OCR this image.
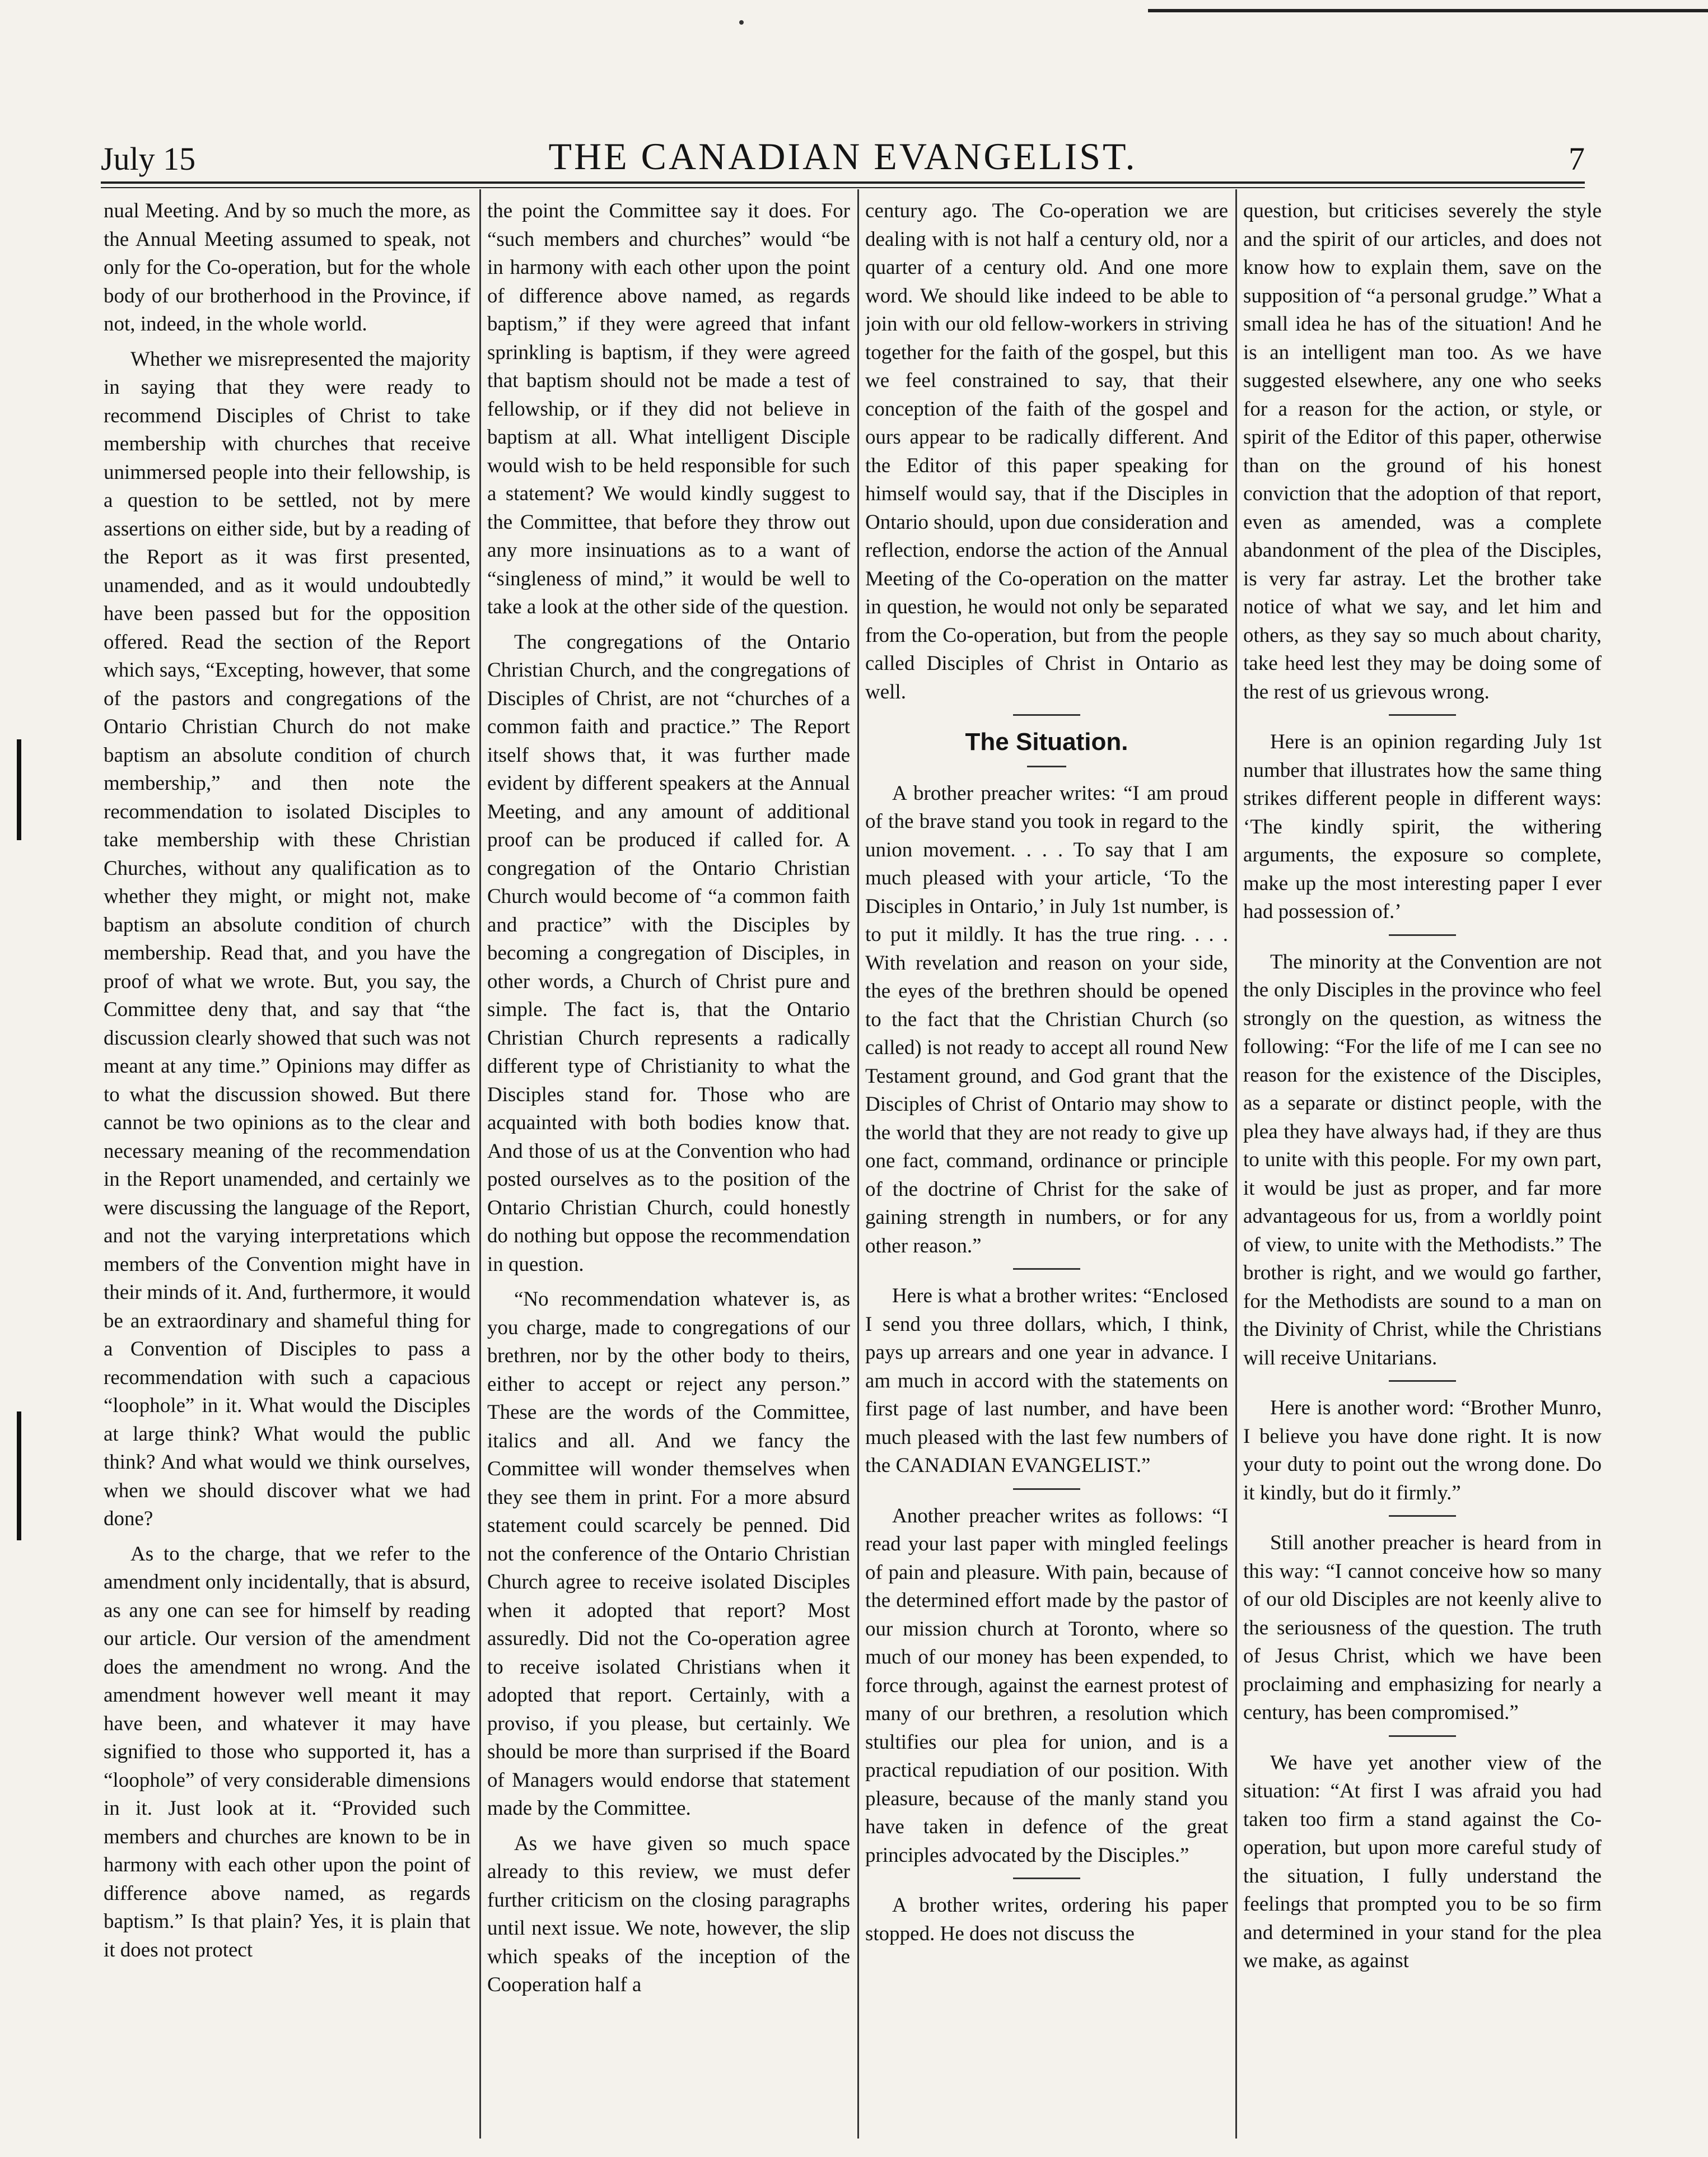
July 15	THE CANADIAN EVANGELIST.	7

nual Meeting. And by so much the more, as the Annual Meeting assumed to speak, not only for the Co-operation, but for the whole body of our brotherhood in the Province, if not, indeed, in the whole world.

Whether we misrepresented the majority in saying that they were ready to recommend Disciples of Christ to take membership with churches that receive unimmersed people into their fellowship, is a question to be settled, not by mere assertions on either side, but by a reading of the Report as it was first presented, unamended, and as it would undoubtedly have been passed but for the opposition offered. Read the section of the Report which says, “Excepting, however, that some of the pastors and congregations of the Ontario Christian Church do not make baptism an absolute condition of church membership,” and then note the recommendation to isolated Disciples to take membership with these Christian Churches, without any qualification as to whether they might, or might not, make baptism an absolute condition of church membership. Read that, and you have the proof of what we wrote. But, you say, the Committee deny that, and say that “the discussion clearly showed that such was not meant at any time.” Opinions may differ as to what the discussion showed. But there cannot be two opinions as to the clear and necessary meaning of the recommendation in the Report unamended, and certainly we were discussing the language of the Report, and not the varying interpretations which members of the Convention might have in their minds of it. And, furthermore, it would be an extraordinary and shameful thing for a Convention of Disciples to pass a recommendation with such a capacious “loophole” in it. What would the Disciples at large think? What would the public think? And what would we think ourselves, when we should discover what we had done?

As to the charge, that we refer to the amendment only incidentally, that is absurd, as any one can see for himself by reading our article. Our version of the amendment does the amendment no wrong. And the amendment however well meant it may have been, and whatever it may have signified to those who supported it, has a “loophole” of very considerable dimensions in it. Just look at it. “Provided such members and churches are known to be in harmony with each other upon the point of difference above named, as regards baptism.” Is that plain? Yes, it is plain that it does not protect

the point the Committee say it does. For “such members and churches” would “be in harmony with each other upon the point of difference above named, as regards baptism,” if they were agreed that infant sprinkling is baptism, if they were agreed that baptism should not be made a test of fellowship, or if they did not believe in baptism at all. What intelligent Disciple would wish to be held responsible for such a statement? We would kindly suggest to the Committee, that before they throw out any more insinuations as to a want of “singleness of mind,” it would be well to take a look at the other side of the question.

The congregations of the Ontario Christian Church, and the congregations of Disciples of Christ, are not “churches of a common faith and practice.” The Report itself shows that, it was further made evident by different speakers at the Annual Meeting, and any amount of additional proof can be produced if called for. A congregation of the Ontario Christian Church would become of “a common faith and practice” with the Disciples by becoming a congregation of Disciples, in other words, a Church of Christ pure and simple. The fact is, that the Ontario Christian Church represents a radically different type of Christianity to what the Disciples stand for. Those who are acquainted with both bodies know that. And those of us at the Convention who had posted ourselves as to the position of the Ontario Christian Church, could honestly do nothing but oppose the recommendation in question.

“No recommendation whatever is, as you charge, made to congregations of our brethren, nor by the other body to theirs, either to accept or reject any person.” These are the words of the Committee, italics and all. And we fancy the Committee will wonder themselves when they see them in print. For a more absurd statement could scarcely be penned. Did not the conference of the Ontario Christian Church agree to receive isolated Disciples when it adopted that report? Most assuredly. Did not the Co-operation agree to receive isolated Christians when it adopted that report. Certainly, with a proviso, if you please, but certainly. We should be more than surprised if the Board of Managers would endorse that statement made by the Committee.

As we have given so much space already to this review, we must defer further criticism on the closing paragraphs until next issue. We note, however, the slip which speaks of the inception of the Cooperation half a

century ago. The Co-operation we are dealing with is not half a century old, nor a quarter of a century old. And one more word. We should like indeed to be able to join with our old fellow-workers in striving together for the faith of the gospel, but this we feel constrained to say, that their conception of the faith of the gospel and ours appear to be radically different. And the Editor of this paper speaking for himself would say, that if the Disciples in Ontario should, upon due consideration and reflection, endorse the action of the Annual Meeting of the Co-operation on the matter in question, he would not only be separated from the Co-operation, but from the people called Disciples of Christ in Ontario as well.

The Situation.

A brother preacher writes: “I am proud of the brave stand you took in regard to the union movement. . . . To say that I am much pleased with your article, ‘To the Disciples in Ontario,’ in July 1st number, is to put it mildly. It has the true ring. . . . With revelation and reason on your side, the eyes of the brethren should be opened to the fact that the Christian Church (so called) is not ready to accept all round New Testament ground, and God grant that the Disciples of Christ of Ontario may show to the world that they are not ready to give up one fact, command, ordinance or principle of the doctrine of Christ for the sake of gaining strength in numbers, or for any other reason.”

Here is what a brother writes: “Enclosed I send you three dollars, which, I think, pays up arrears and one year in advance. I am much in accord with the statements on first page of last number, and have been much pleased with the last few numbers of the CANADIAN EVANGELIST.”

Another preacher writes as follows: “I read your last paper with mingled feelings of pain and pleasure. With pain, because of the determined effort made by the pastor of our mission church at Toronto, where so much of our money has been expended, to force through, against the earnest protest of many of our brethren, a resolution which stultifies our plea for union, and is a practical repudiation of our position. With pleasure, because of the manly stand you have taken in defence of the great principles advocated by the Disciples.”

A brother writes, ordering his paper stopped. He does not discuss the

question, but criticises severely the style and the spirit of our articles, and does not know how to explain them, save on the supposition of “a personal grudge.” What a small idea he has of the situation! And he is an intelligent man too. As we have suggested elsewhere, any one who seeks for a reason for the action, or style, or spirit of the Editor of this paper, otherwise than on the ground of his honest conviction that the adoption of that report, even as amended, was a complete abandonment of the plea of the Disciples, is very far astray. Let the brother take notice of what we say, and let him and others, as they say so much about charity, take heed lest they may be doing some of the rest of us grievous wrong.

Here is an opinion regarding July 1st number that illustrates how the same thing strikes different people in different ways: ‘The kindly spirit, the withering arguments, the exposure so complete, make up the most interesting paper I ever had possession of.’

The minority at the Convention are not the only Disciples in the province who feel strongly on the question, as witness the following: “For the life of me I can see no reason for the existence of the Disciples, as a separate or distinct people, with the plea they have always had, if they are thus to unite with this people. For my own part, it would be just as proper, and far more advantageous for us, from a worldly point of view, to unite with the Methodists.” The brother is right, and we would go farther, for the Methodists are sound to a man on the Divinity of Christ, while the Christians will receive Unitarians.

Here is another word: “Brother Munro, I believe you have done right. It is now your duty to point out the wrong done. Do it kindly, but do it firmly.”

Still another preacher is heard from in this way: “I cannot conceive how so many of our old Disciples are not keenly alive to the seriousness of the question. The truth of Jesus Christ, which we have been proclaiming and emphasizing for nearly a century, has been compromised.”

We have yet another view of the situation: “At first I was afraid you had taken too firm a stand against the Co-operation, but upon more careful study of the situation, I fully understand the feelings that prompted you to be so firm and determined in your stand for the plea we make, as against
